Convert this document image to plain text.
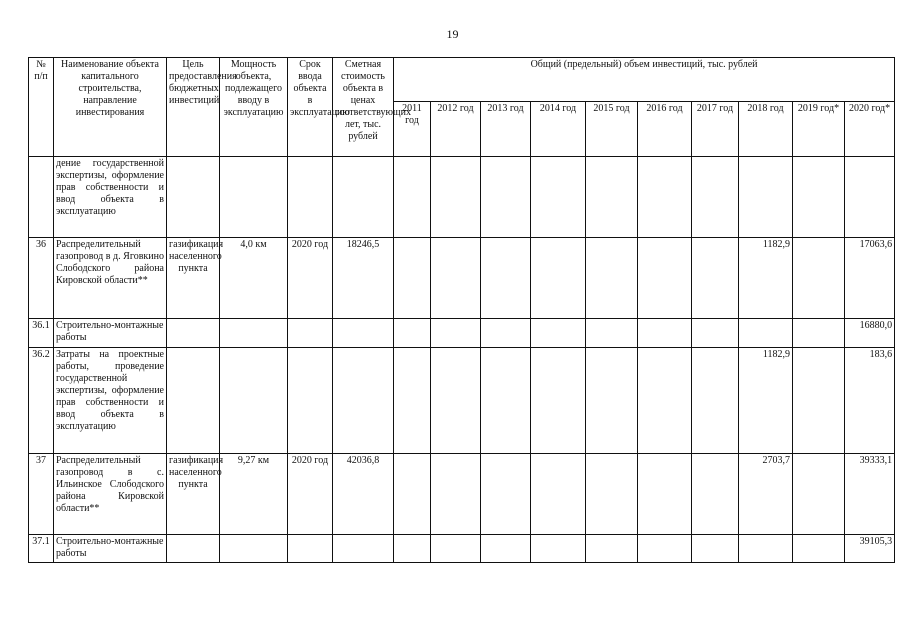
19
№ п/п	Наименование объекта капитального строительства, направление инвестирования	Цель предоставления бюджетных инвестиций	Мощность объекта, подлежащего вводу в эксплуатацию	Срок ввода объекта в эксплуатацию	Сметная стоимость объекта в ценах соответствующих лет, тыс. рублей	Общий (предельный) объем инвестиций, тыс. рублей									
						2011 год	2012 год	2013 год	2014 год	2015 год	2016 год	2017 год	2018 год	2019 год*	2020 год*
	дение государственной экспертизы, оформление прав собственности и ввод объекта в эксплуатацию														
36	Распределительный газопровод в д. Яговкино Слободского района Кировской области**	газификация населенного пункта	4,0 км	2020 год	18246,5								1182,9		17063,6
36.1	Строительно-монтажные работы														16880,0
36.2	Затраты на проектные работы, проведение государственной экспертизы, оформление прав собственности и ввод объекта в эксплуатацию												1182,9		183,6
37	Распределительный газопровод в с. Ильинское Слободского района Кировской области**	газификация населенного пункта	9,27 км	2020 год	42036,8								2703,7		39333,1
37.1	Строительно-монтажные работы														39105,3
